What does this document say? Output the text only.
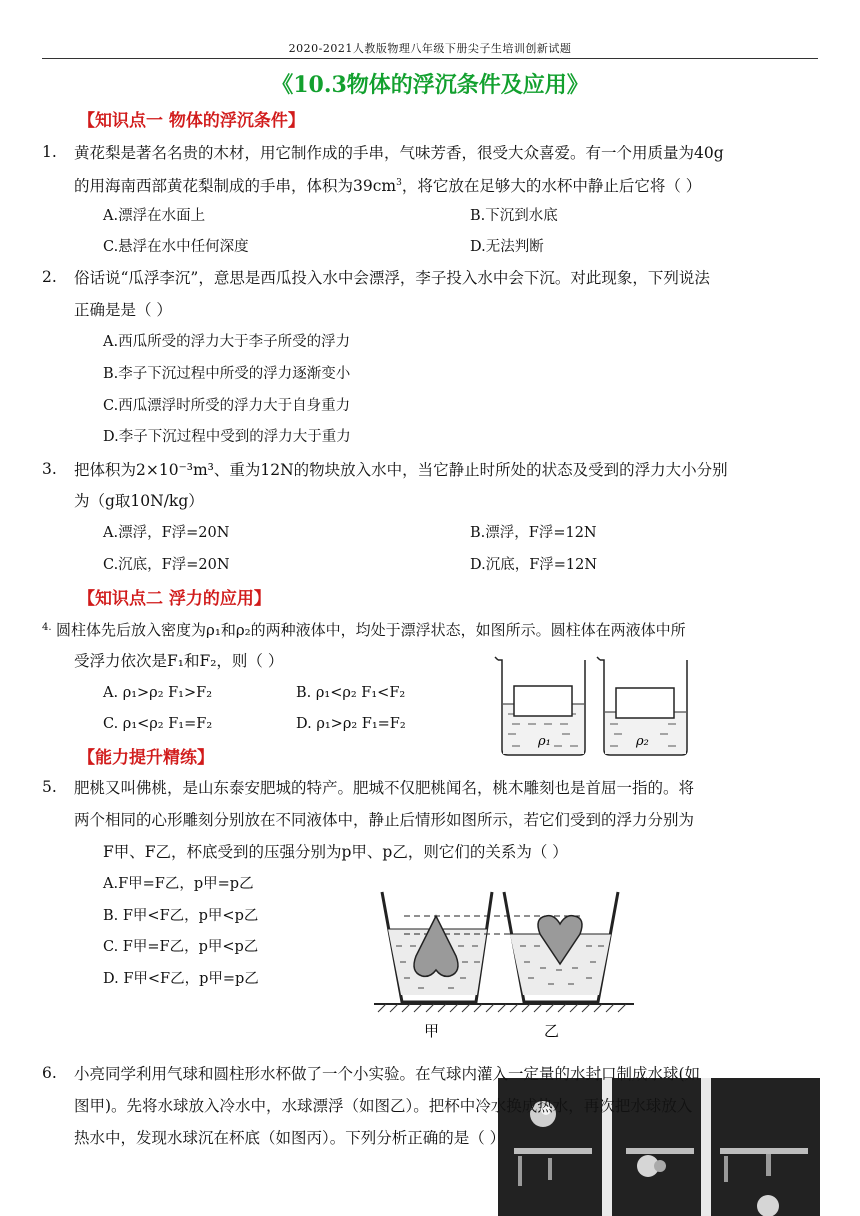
2020-2021人教版物理八年级下册尖子生培训创新试题
《10.3物体的浮沉条件及应用》
【知识点一 物体的浮沉条件】
1. 黄花梨是著名名贵的木材，用它制作成的手串，气味芳香，很受大众喜爱。有一个用质量为40g
的用海南西部黄花梨制成的手串，体积为$39cm^3$，将它放在足够大的水杯中静止后它将（ ）
A.漂浮在水面上	B.下沉到水底
C.悬浮在水中任何深度	D.无法判断
2. 俗话说“瓜浮李沉”，意思是西瓜投入水中会漂浮，李子投入水中会下沉。对此现象，下列说法
正确是是（ ）
A.西瓜所受的浮力大于李子所受的浮力
B.李子下沉过程中所受的浮力逐渐变小
C.西瓜漂浮时所受的浮力大于自身重力
D.李子下沉过程中受到的浮力大于重力
3. 把体积为2×10⁻³m³、重为12N的物块放入水中，当它静止时所处的状态及受到的浮力大小分别
为（g取10N/kg）
A.漂浮，F浮=20N	B.漂浮，F浮=12N
C.沉底，F浮=20N	D.沉底，F浮=12N
【知识点二 浮力的应用】
4. 圆柱体先后放入密度为ρ₁和ρ₂的两种液体中，均处于漂浮状态，如图所示。圆柱体在两液体中所
受浮力依次是F₁和F₂，则（ ）
A. ρ₁>ρ₂ F₁>F₂	B. ρ₁<ρ₂ F₁<F₂
C. ρ₁<ρ₂ F₁=F₂	D. ρ₁>ρ₂ F₁=F₂
ρ₁	ρ₂
【能力提升精练】
5. 肥桃又叫佛桃，是山东泰安肥城的特产。肥城不仅肥桃闻名，桃木雕刻也是首屈一指的。将
两个相同的心形雕刻分别放在不同液体中，静止后情形如图所示，若它们受到的浮力分别为
F甲、F乙，杯底受到的压强分别为p甲、p乙，则它们的关系为（ ）
A.F甲=F乙，p甲=p乙
B. F甲<F乙，p甲<p乙
C. F甲=F乙，p甲<p乙
D. F甲<F乙，p甲=p乙
甲	乙
6. 小亮同学利用气球和圆柱形水杯做了一个小实验。在气球内灌入一定量的水封口制成水球(如
图甲)。先将水球放入冷水中，水球漂浮（如图乙）。把杯中冷水换成热水，再次把水球放入
热水中，发现水球沉在杯底（如图丙）。下列分析正确的是（ ）
